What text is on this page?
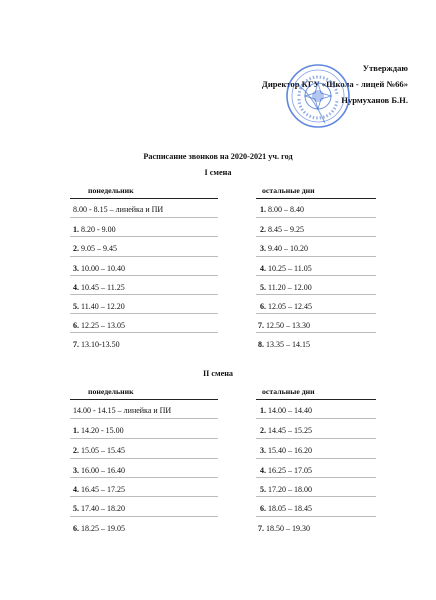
Утверждаю
Директор КГУ «Школа - лицей №66»
Нурмуханов Б.Н.
Расписание звонков на 2020-2021 уч. год
I смена
понедельник	остальные дни
8.00 - 8.15 – линейка и ПИ
1. 8.20 - 9.00
2. 9.05 – 9.45
3. 10.00 – 10.40
4. 10.45 – 11.25
5. 11.40 – 12.20
6. 12.25 – 13.05
7. 13.10-13.50
1. 8.00 – 8.40
2. 8.45 – 9.25
3. 9.40 – 10.20
4. 10.25 – 11.05
5. 11.20 – 12.00
6. 12.05 – 12.45
7. 12.50 – 13.30
8. 13.35 – 14.15
II смена
понедельник	остальные дни
14.00 - 14.15 – линейка и ПИ
1. 14.20 - 15.00
2. 15.05 – 15.45
3. 16.00 – 16.40
4. 16.45 – 17.25
5. 17.40 – 18.20
6. 18.25 – 19.05
1. 14.00 – 14.40
2. 14.45 – 15.25
3. 15.40 – 16.20
4. 16.25 – 17.05
5. 17.20 – 18.00
6. 18.05 – 18.45
7. 18.50 – 19.30
